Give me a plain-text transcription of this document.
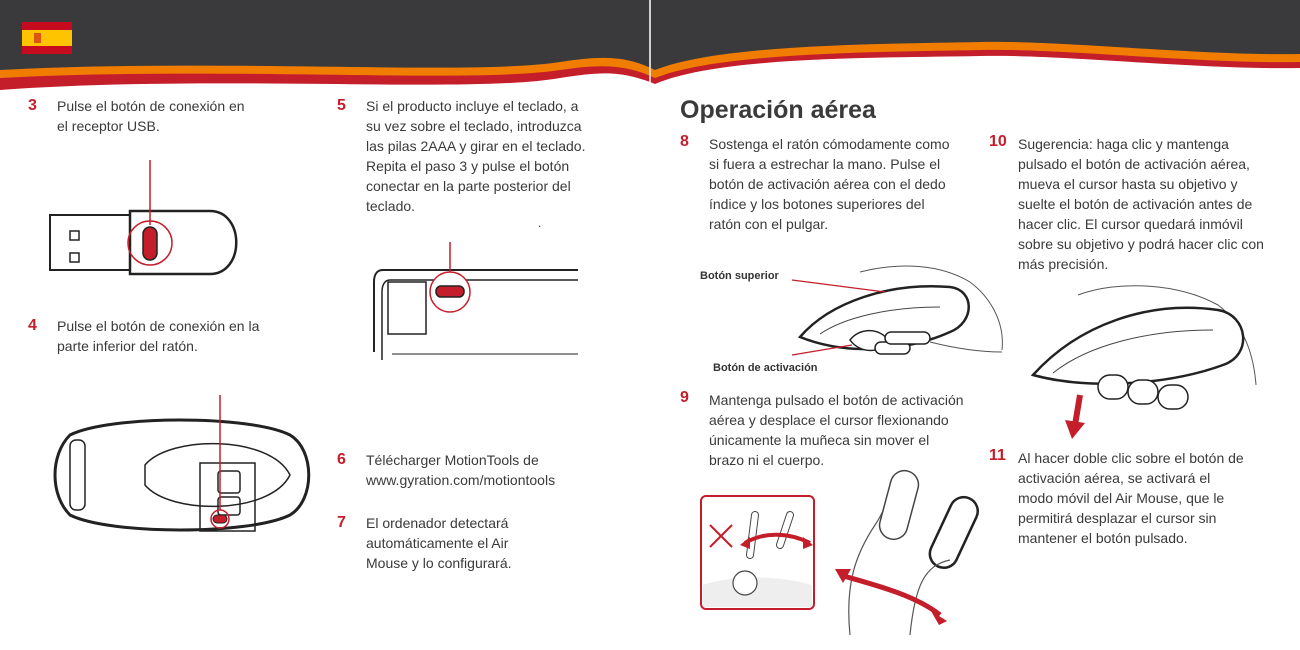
3 Pulse el botón de conexión en el receptor USB.
4 Pulse el botón de conexión en la parte inferior del ratón.
5 Si el producto incluye el teclado, a su vez sobre el teclado, introduzca las pilas 2AAA y girar en el teclado. Repita el paso 3 y pulse el botón conectar en la parte posterior del teclado.
.
6 Télécharger MotionTools de www.gyration.com/motiontools
7 El ordenador detectará automáticamente el Air Mouse y lo configurará.
Operación aérea
8 Sostenga el ratón cómodamente como si fuera a estrechar la mano. Pulse el botón de activación aérea con el dedo índice y los botones superiores del ratón con el pulgar.
Botón superior
Botón de activación
9 Mantenga pulsado el botón de activación aérea y desplace el cursor flexionando únicamente la muñeca sin mover el brazo ni el cuerpo.
10 Sugerencia: haga clic y mantenga pulsado el botón de activación aérea, mueva el cursor hasta su objetivo y suelte el botón de activación antes de hacer clic. El cursor quedará inmóvil sobre su objetivo y podrá hacer clic con más precisión.
11 Al hacer doble clic sobre el botón de activación aérea, se activará el modo móvil del Air Mouse, que le permitirá desplazar el cursor sin mantener el botón pulsado.
